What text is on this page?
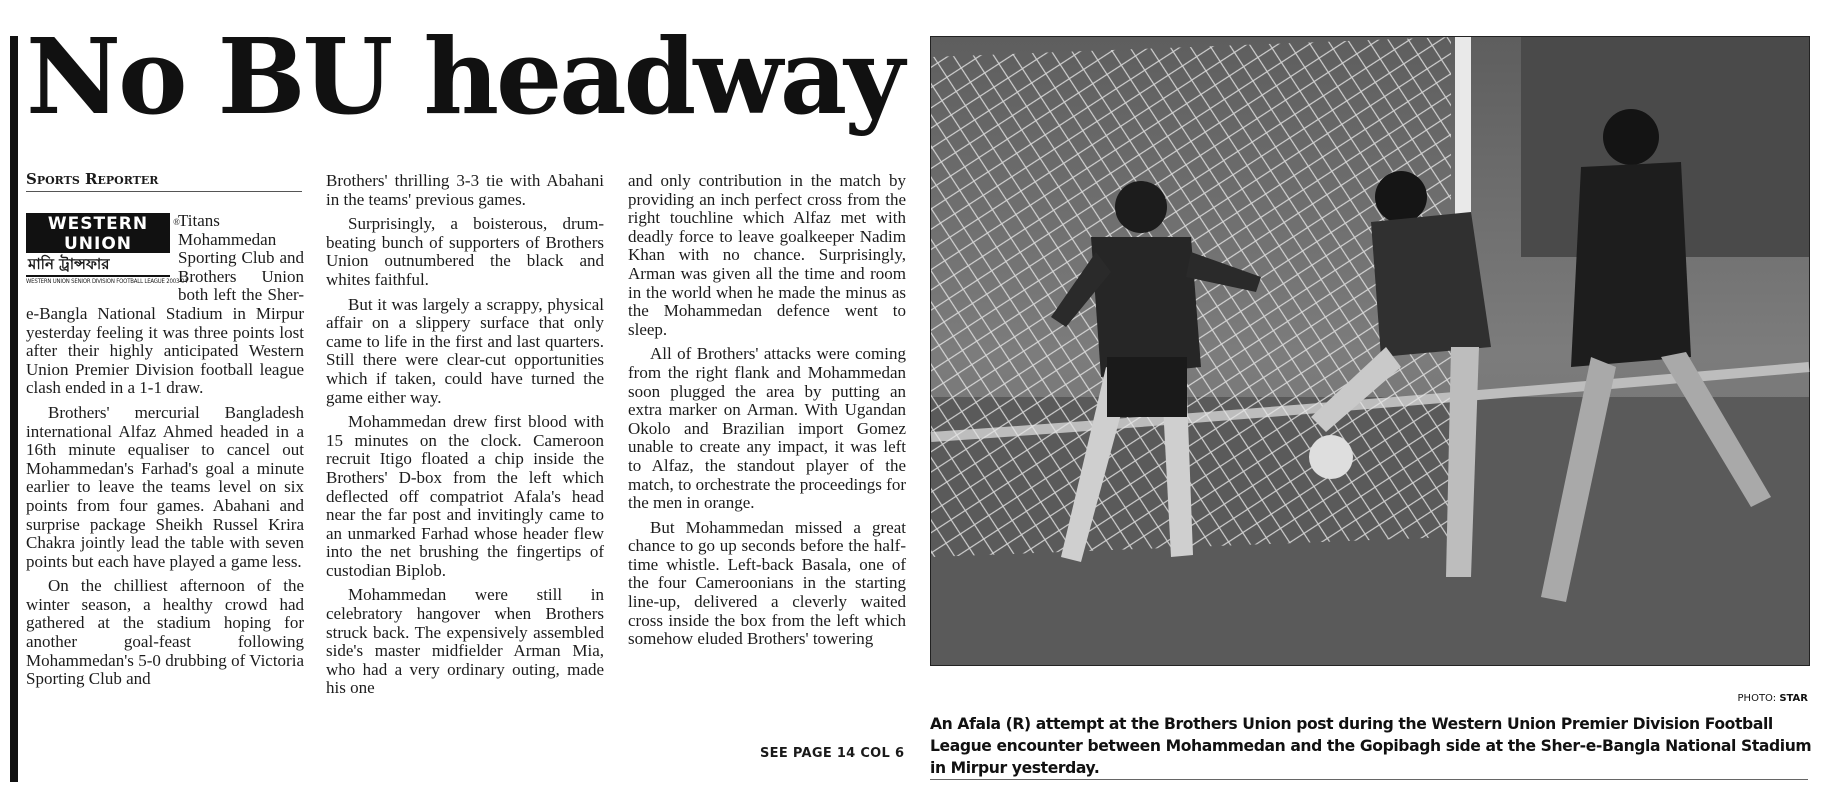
No BU headway
Sports Reporter
WESTERN
UNION
®
মানি ট্রান্সফার
WESTERN UNION SENIOR DIVISION FOOTBALL LEAGUE 2003-04

Titans Mohammedan Sporting Club and Brothers Union both left the Sher-e-Bangla National Stadium in Mirpur yesterday feeling it was three points lost after their highly anticipated Western Union Premier Division football league clash ended in a 1-1 draw.

Brothers' mercurial Bangladesh international Alfaz Ahmed headed in a 16th minute equaliser to cancel out Mohammedan's Farhad's goal a minute earlier to leave the teams level on six points from four games. Abahani and surprise package Sheikh Russel Krira Chakra jointly lead the table with seven points but each have played a game less.

On the chilliest afternoon of the winter season, a healthy crowd had gathered at the stadium hoping for another goal-feast following Mohammedan's 5-0 drubbing of Victoria Sporting Club and

Brothers' thrilling 3-3 tie with Abahani in the teams' previous games.

Surprisingly, a boisterous, drum-beating bunch of supporters of Brothers Union outnumbered the black and whites faithful.

But it was largely a scrappy, physical affair on a slippery surface that only came to life in the first and last quarters. Still there were clear-cut opportunities which if taken, could have turned the game either way.

Mohammedan drew first blood with 15 minutes on the clock. Cameroon recruit Itigo floated a chip inside the Brothers' D-box from the left which deflected off compatriot Afala's head near the far post and invitingly came to an unmarked Farhad whose header flew into the net brushing the fingertips of custodian Biplob.

Mohammedan were still in celebratory hangover when Brothers struck back. The expensively assembled side's master midfielder Arman Mia, who had a very ordinary outing, made his one

and only contribution in the match by providing an inch perfect cross from the right touchline which Alfaz met with deadly force to leave goalkeeper Nadim Khan with no chance. Surprisingly, Arman was given all the time and room in the world when he made the minus as the Mohammedan defence went to sleep.

All of Brothers' attacks were coming from the right flank and Mohammedan soon plugged the area by putting an extra marker on Arman. With Ugandan Okolo and Brazilian import Gomez unable to create any impact, it was left to Alfaz, the standout player of the match, to orchestrate the proceedings for the men in orange.

But Mohammedan missed a great chance to go up seconds before the half-time whistle. Left-back Basala, one of the four Cameroonians in the starting line-up, delivered a cleverly waited cross inside the box from the left which somehow eluded Brothers' towering

SEE PAGE 14 COL 6
PHOTO: STAR
An Afala (R) attempt at the Brothers Union post during the Western Union Premier Division Football League encounter between Mohammedan and the Gopibagh side at the Sher-e-Bangla National Stadium in Mirpur yesterday.
